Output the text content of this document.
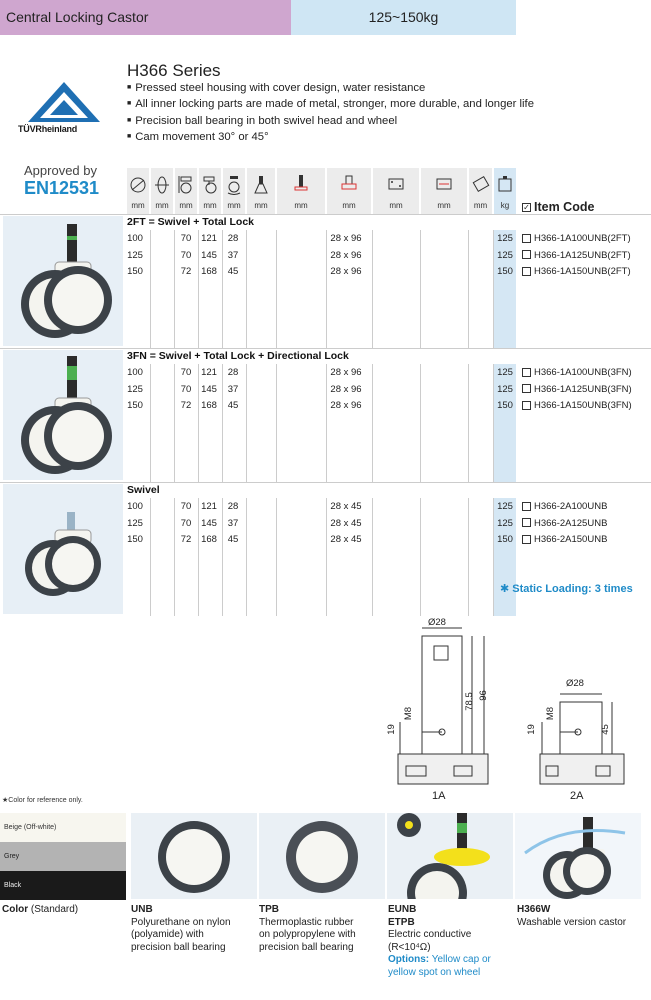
Central Locking Castor	125~150kg
TÜVRheinland
Approved by
EN12531
H366 Series
■ Pressed steel housing with cover design, water resistance
■ All inner locking parts are made of metal, stronger, more durable, and longer life
■ Precision ball bearing in both swivel head and wheel
■ Cam movement 30° or 45°
mm	mm	mm	mm	mm	mm	mm	mm	mm	mm	mm	kg	✓ Item Code
2FT = Swivel + Total Lock
100	70	121	28	28 x 96	125	H366-1A100UNB(2FT)
125	70	145	37	28 x 96	125	H366-1A125UNB(2FT)
150	72	168	45	28 x 96	150	H366-1A150UNB(2FT)
3FN = Swivel + Total Lock + Directional Lock
100	70	121	28	28 x 96	125	H366-1A100UNB(3FN)
125	70	145	37	28 x 96	125	H366-1A125UNB(3FN)
150	72	168	45	28 x 96	150	H366-1A150UNB(3FN)
Swivel
100	70	121	28	28 x 45	125	H366-2A100UNB
125	70	145	37	28 x 45	125	H366-2A125UNB
150	72	168	45	28 x 45	150	H366-2A150UNB
✱ Static Loading: 3 times
Ø28
19
M8
78.5 96
1A
Ø28
19
M8
45
2A
★Color for reference only.
Beige (Off-white)
Grey
Black
Color (Standard)	UNB
Polyurethane on nylon
(polyamide) with
precision ball bearing
TPB
Thermoplastic rubber
on polypropylene with
precision ball bearing
EUNB
ETPB
Electric conductive
(R<10⁴Ω)
Options: Yellow cap or
yellow spot on wheel
H366W
Washable version castor
